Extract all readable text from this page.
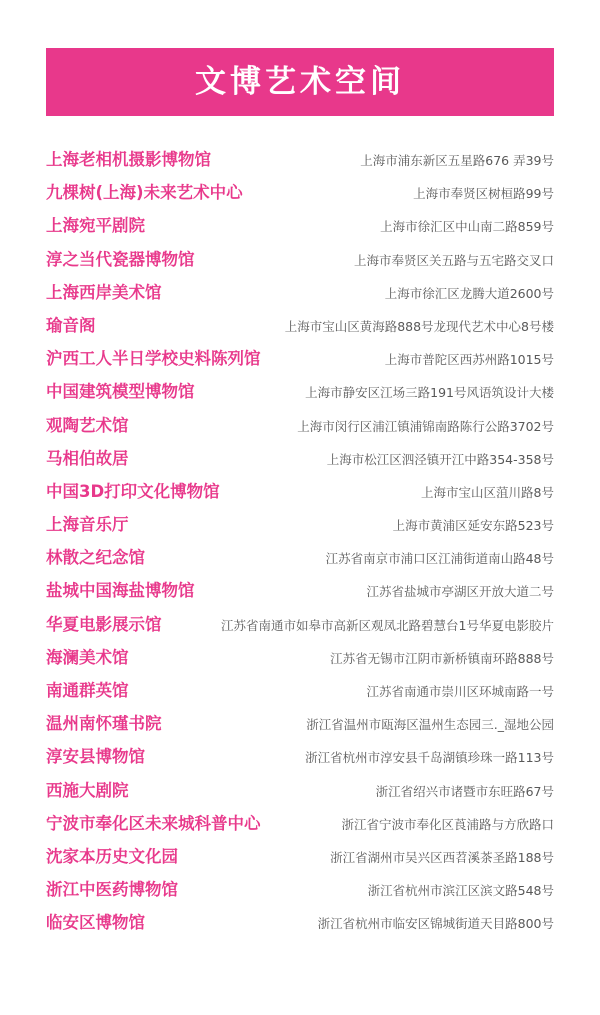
文博艺术空间
上海老相机摄影博物馆	上海市浦东新区五星路676 弄39号
九棵树(上海)未来艺术中心	上海市奉贤区树桓路99号
上海宛平剧院	上海市徐汇区中山南二路859号
淳之当代瓷器博物馆	上海市奉贤区关五路与五宅路交叉口
上海西岸美术馆	上海市徐汇区龙腾大道2600号
瑜音阁	上海市宝山区黄海路888号龙现代艺术中心8号楼
沪西工人半日学校史料陈列馆	上海市普陀区西苏州路1015号
中国建筑模型博物馆	上海市静安区江场三路191号风语筑设计大楼
观陶艺术馆	上海市闵行区浦江镇浦锦南路陈行公路3702号
马相伯故居	上海市松江区泗泾镇开江中路354-358号
中国3D打印文化博物馆	上海市宝山区菹川路8号
上海音乐厅	上海市黄浦区延安东路523号
林散之纪念馆	江苏省南京市浦口区江浦街道南山路48号
盐城中国海盐博物馆	江苏省盐城市亭湖区开放大道二号
华夏电影展示馆	江苏省南通市如皋市高新区观凤北路碧慧台1号华夏电影胶片
海澜美术馆	江苏省无锡市江阴市新桥镇南环路888号
南通群英馆	江苏省南通市崇川区环城南路一号
温州南怀瑾书院	浙江省温州市瓯海区温州生态园三._湿地公园
淳安县博物馆	浙江省杭州市淳安县千岛湖镇珍珠一路113号
西施大剧院	浙江省绍兴市诸暨市东旺路67号
宁波市奉化区未来城科普中心	浙江省宁波市奉化区莨浦路与方欣路口
沈家本历史文化园	浙江省湖州市吴兴区西苕溪茶圣路188号
浙江中医药博物馆	浙江省杭州市滨江区滨文路548号
临安区博物馆	浙江省杭州市临安区锦城街道天目路800号
